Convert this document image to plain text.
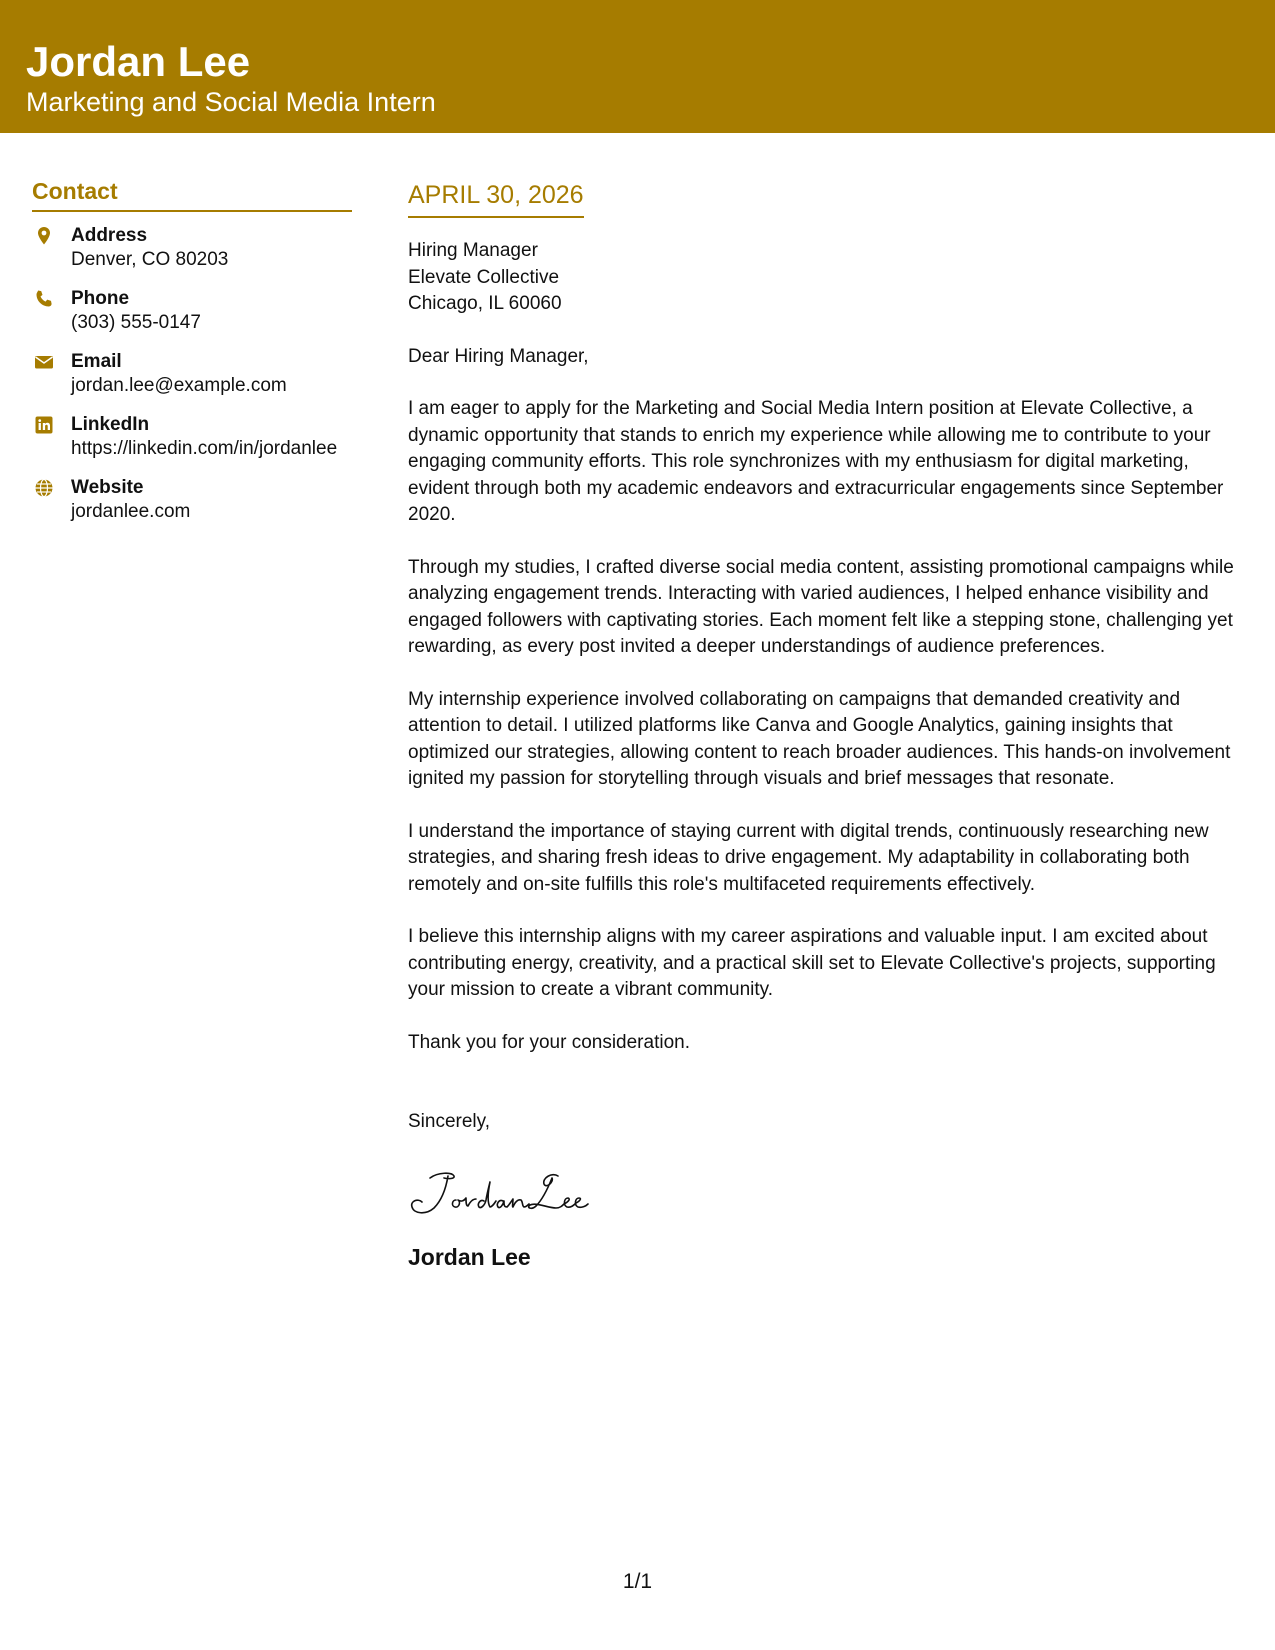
Jordan Lee
Marketing and Social Media Intern
Contact
Address
Denver, CO 80203
Phone
(303) 555-0147
Email
jordan.lee@example.com
LinkedIn
https://linkedin.com/in/jordanlee
Website
jordanlee.com
APRIL 30, 2026
Hiring Manager
Elevate Collective
Chicago, IL 60060
Dear Hiring Manager,
I am eager to apply for the Marketing and Social Media Intern position at Elevate Collective, a dynamic opportunity that stands to enrich my experience while allowing me to contribute to your engaging community efforts. This role synchronizes with my enthusiasm for digital marketing, evident through both my academic endeavors and extracurricular engagements since September 2020.
Through my studies, I crafted diverse social media content, assisting promotional campaigns while analyzing engagement trends. Interacting with varied audiences, I helped enhance visibility and engaged followers with captivating stories. Each moment felt like a stepping stone, challenging yet rewarding, as every post invited a deeper understandings of audience preferences.
My internship experience involved collaborating on campaigns that demanded creativity and attention to detail. I utilized platforms like Canva and Google Analytics, gaining insights that optimized our strategies, allowing content to reach broader audiences. This hands-on involvement ignited my passion for storytelling through visuals and brief messages that resonate.
I understand the importance of staying current with digital trends, continuously researching new strategies, and sharing fresh ideas to drive engagement. My adaptability in collaborating both remotely and on-site fulfills this role's multifaceted requirements effectively.
I believe this internship aligns with my career aspirations and valuable input. I am excited about contributing energy, creativity, and a practical skill set to Elevate Collective's projects, supporting your mission to create a vibrant community.
Thank you for your consideration.
Sincerely,
Jordan Lee
1/1
